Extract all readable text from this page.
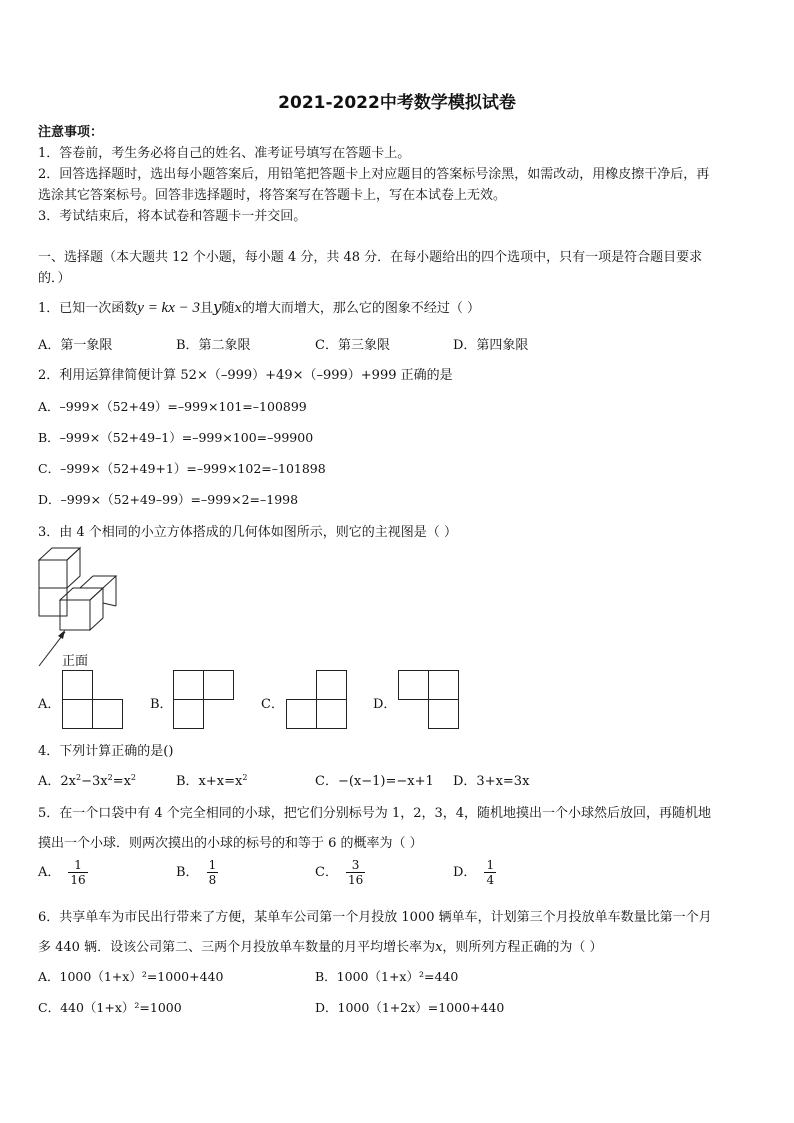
2021-2022中考数学模拟试卷
注意事项：
1．答卷前，考生务必将自己的姓名、准考证号填写在答题卡上。
2．回答选择题时，选出每小题答案后，用铅笔把答题卡上对应题目的答案标号涂黑，如需改动，用橡皮擦干净后，再
选涂其它答案标号。回答非选择题时，将答案写在答题卡上，写在本试卷上无效。
3．考试结束后，将本试卷和答题卡一并交回。
一、选择题（本大题共 12 个小题，每小题 4 分，共 48 分．在每小题给出的四个选项中，只有一项是符合题目要求
的．）
1．已知一次函数y = kx − 3且y随x的增大而增大，那么它的图象不经过（ ）
A．第一象限	B．第二象限	C．第三象限	D．第四象限
2．利用运算律简便计算 52×（–999）+49×（–999）+999 正确的是
A．–999×（52+49）=–999×101=–100899
B．–999×（52+49–1）=–999×100=–99900
C．–999×（52+49+1）=–999×102=–101898
D．–999×（52+49–99）=–999×2=–1998
3．由 4 个相同的小立方体搭成的几何体如图所示，则它的主视图是（ ）
正面
A．	B．	C．	D．
4．下列计算正确的是()
A．$2x^2-3x^2=x^2$	B．$x+x=x^2$	C．−(x−1)=−x+1 D．3+x=3x
5．在一个口袋中有 4 个完全相同的小球，把它们分别标号为 1，2，3，4，随机地摸出一个小球然后放回，再随机地
摸出一个小球．则两次摸出的小球的标号的和等于 6 的概率为（ ）
A． $\frac{1}{16}$	B． $\frac{1}{8}$	C． $\frac{3}{16}$	D． $\frac{1}{4}$
6．共享单车为市民出行带来了方便，某单车公司第一个月投放 1000 辆单车，计划第三个月投放单车数量比第一个月
多 440 辆．设该公司第二、三两个月投放单车数量的月平均增长率为x，则所列方程正确的为（ ）
A．1000（1+x）²=1000+440	B．1000（1+x）²=440
C．440（1+x）²=1000	D．1000（1+2x）=1000+440
